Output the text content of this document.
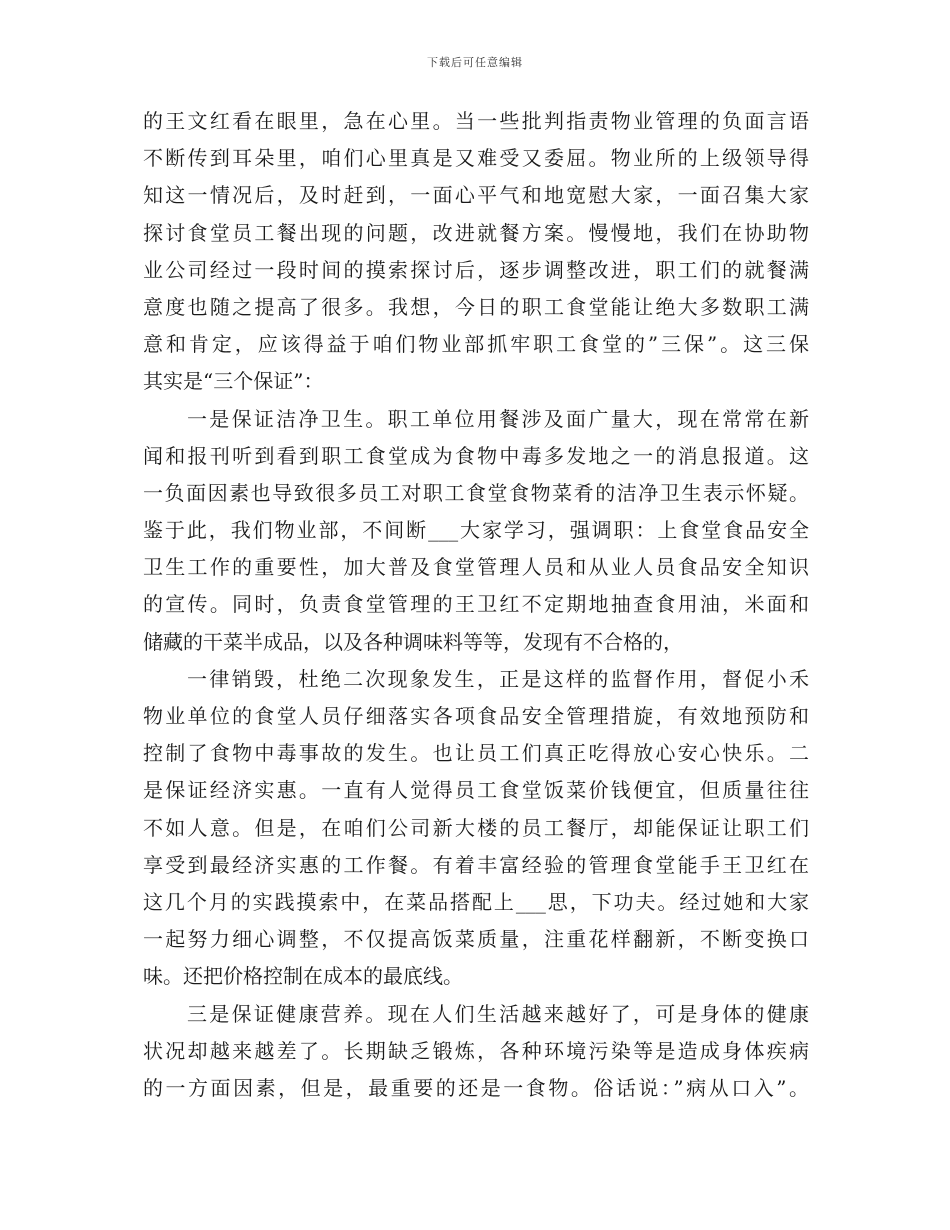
下载后可任意编辑
的王文红看在眼里，急在心里。当一些批判指责物业管理的负面言语
不断传到耳朵里，咱们心里真是又难受又委屈。物业所的上级领导得
知这一情况后，及时赶到，一面心平气和地宽慰大家，一面召集大家
探讨食堂员工餐出现的问题，改进就餐方案。慢慢地，我们在协助物
业公司经过一段时间的摸索探讨后，逐步调整改进，职工们的就餐满
意度也随之提高了很多。我想，今日的职工食堂能让绝大多数职工满
意和肯定，应该得益于咱们物业部抓牢职工食堂的”三保”。这三保
其实是“三个保证”：
一是保证洁净卫生。职工单位用餐涉及面广量大，现在常常在新
闻和报刊听到看到职工食堂成为食物中毒多发地之一的消息报道。这
一负面因素也导致很多员工对职工食堂食物菜肴的洁净卫生表示怀疑。
鉴于此，我们物业部，不间断___大家学习，强调职：上食堂食品安全
卫生工作的重要性，加大普及食堂管理人员和从业人员食品安全知识
的宣传。同时，负责食堂管理的王卫红不定期地抽查食用油，米面和
储藏的干菜半成品，以及各种调味料等等，发现有不合格的，
一律销毁，杜绝二次现象发生，正是这样的监督作用，督促小禾
物业单位的食堂人员仔细落实各项食品安全管理措旋，有效地预防和
控制了食物中毒事故的发生。也让员工们真正吃得放心安心快乐。二
是保证经济实惠。一直有人觉得员工食堂饭菜价钱便宜，但质量往往
不如人意。但是，在咱们公司新大楼的员工餐厅，却能保证让职工们
享受到最经济实惠的工作餐。有着丰富经验的管理食堂能手王卫红在
这几个月的实践摸索中，在菜品搭配上___思，下功夫。经过她和大家
一起努力细心调整，不仅提高饭菜质量，注重花样翻新，不断变换口
味。还把价格控制在成本的最底线。
三是保证健康营养。现在人们生活越来越好了，可是身体的健康
状况却越来越差了。长期缺乏锻炼，各种环境污染等是造成身体疾病
的一方面因素，但是，最重要的还是一食物。俗话说：”病从口入”。
